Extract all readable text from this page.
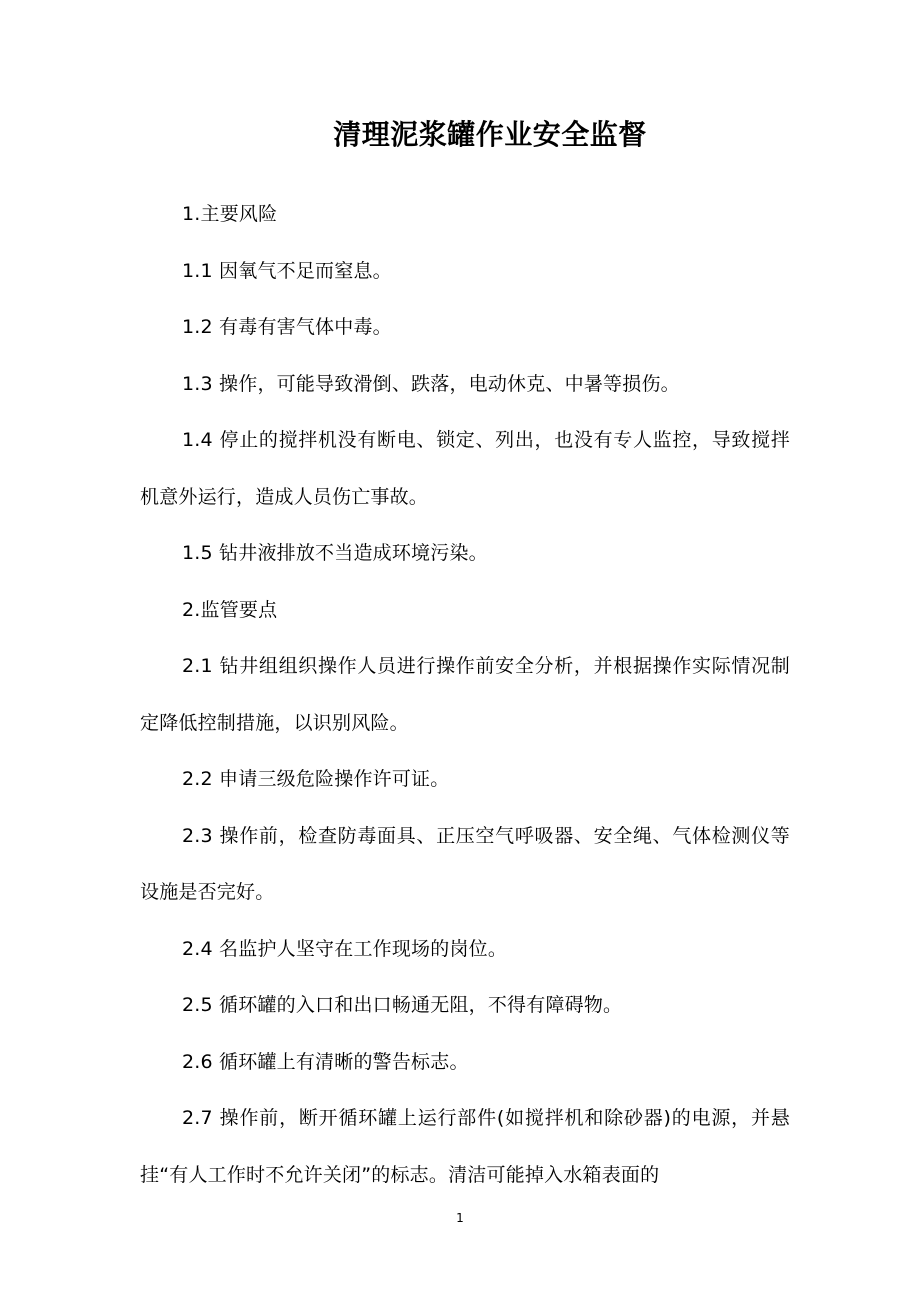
清理泥浆罐作业安全监督

1.主要风险

1.1 因氧气不足而窒息。

1.2 有毒有害气体中毒。

1.3 操作，可能导致滑倒、跌落，电动休克、中暑等损伤。

1.4 停止的搅拌机没有断电、锁定、列出，也没有专人监控，导致搅拌机意外运行，造成人员伤亡事故。

1.5 钻井液排放不当造成环境污染。

2.监管要点

2.1 钻井组组织操作人员进行操作前安全分析，并根据操作实际情况制定降低控制措施，以识别风险。

2.2 申请三级危险操作许可证。

2.3 操作前，检查防毒面具、正压空气呼吸器、安全绳、气体检测仪等设施是否完好。

2.4 名监护人坚守在工作现场的岗位。

2.5 循环罐的入口和出口畅通无阻，不得有障碍物。

2.6 循环罐上有清晰的警告标志。

2.7 操作前，断开循环罐上运行部件(如搅拌机和除砂器)的电源，并悬挂“有人工作时不允许关闭”的标志。清洁可能掉入水箱表面的

1
